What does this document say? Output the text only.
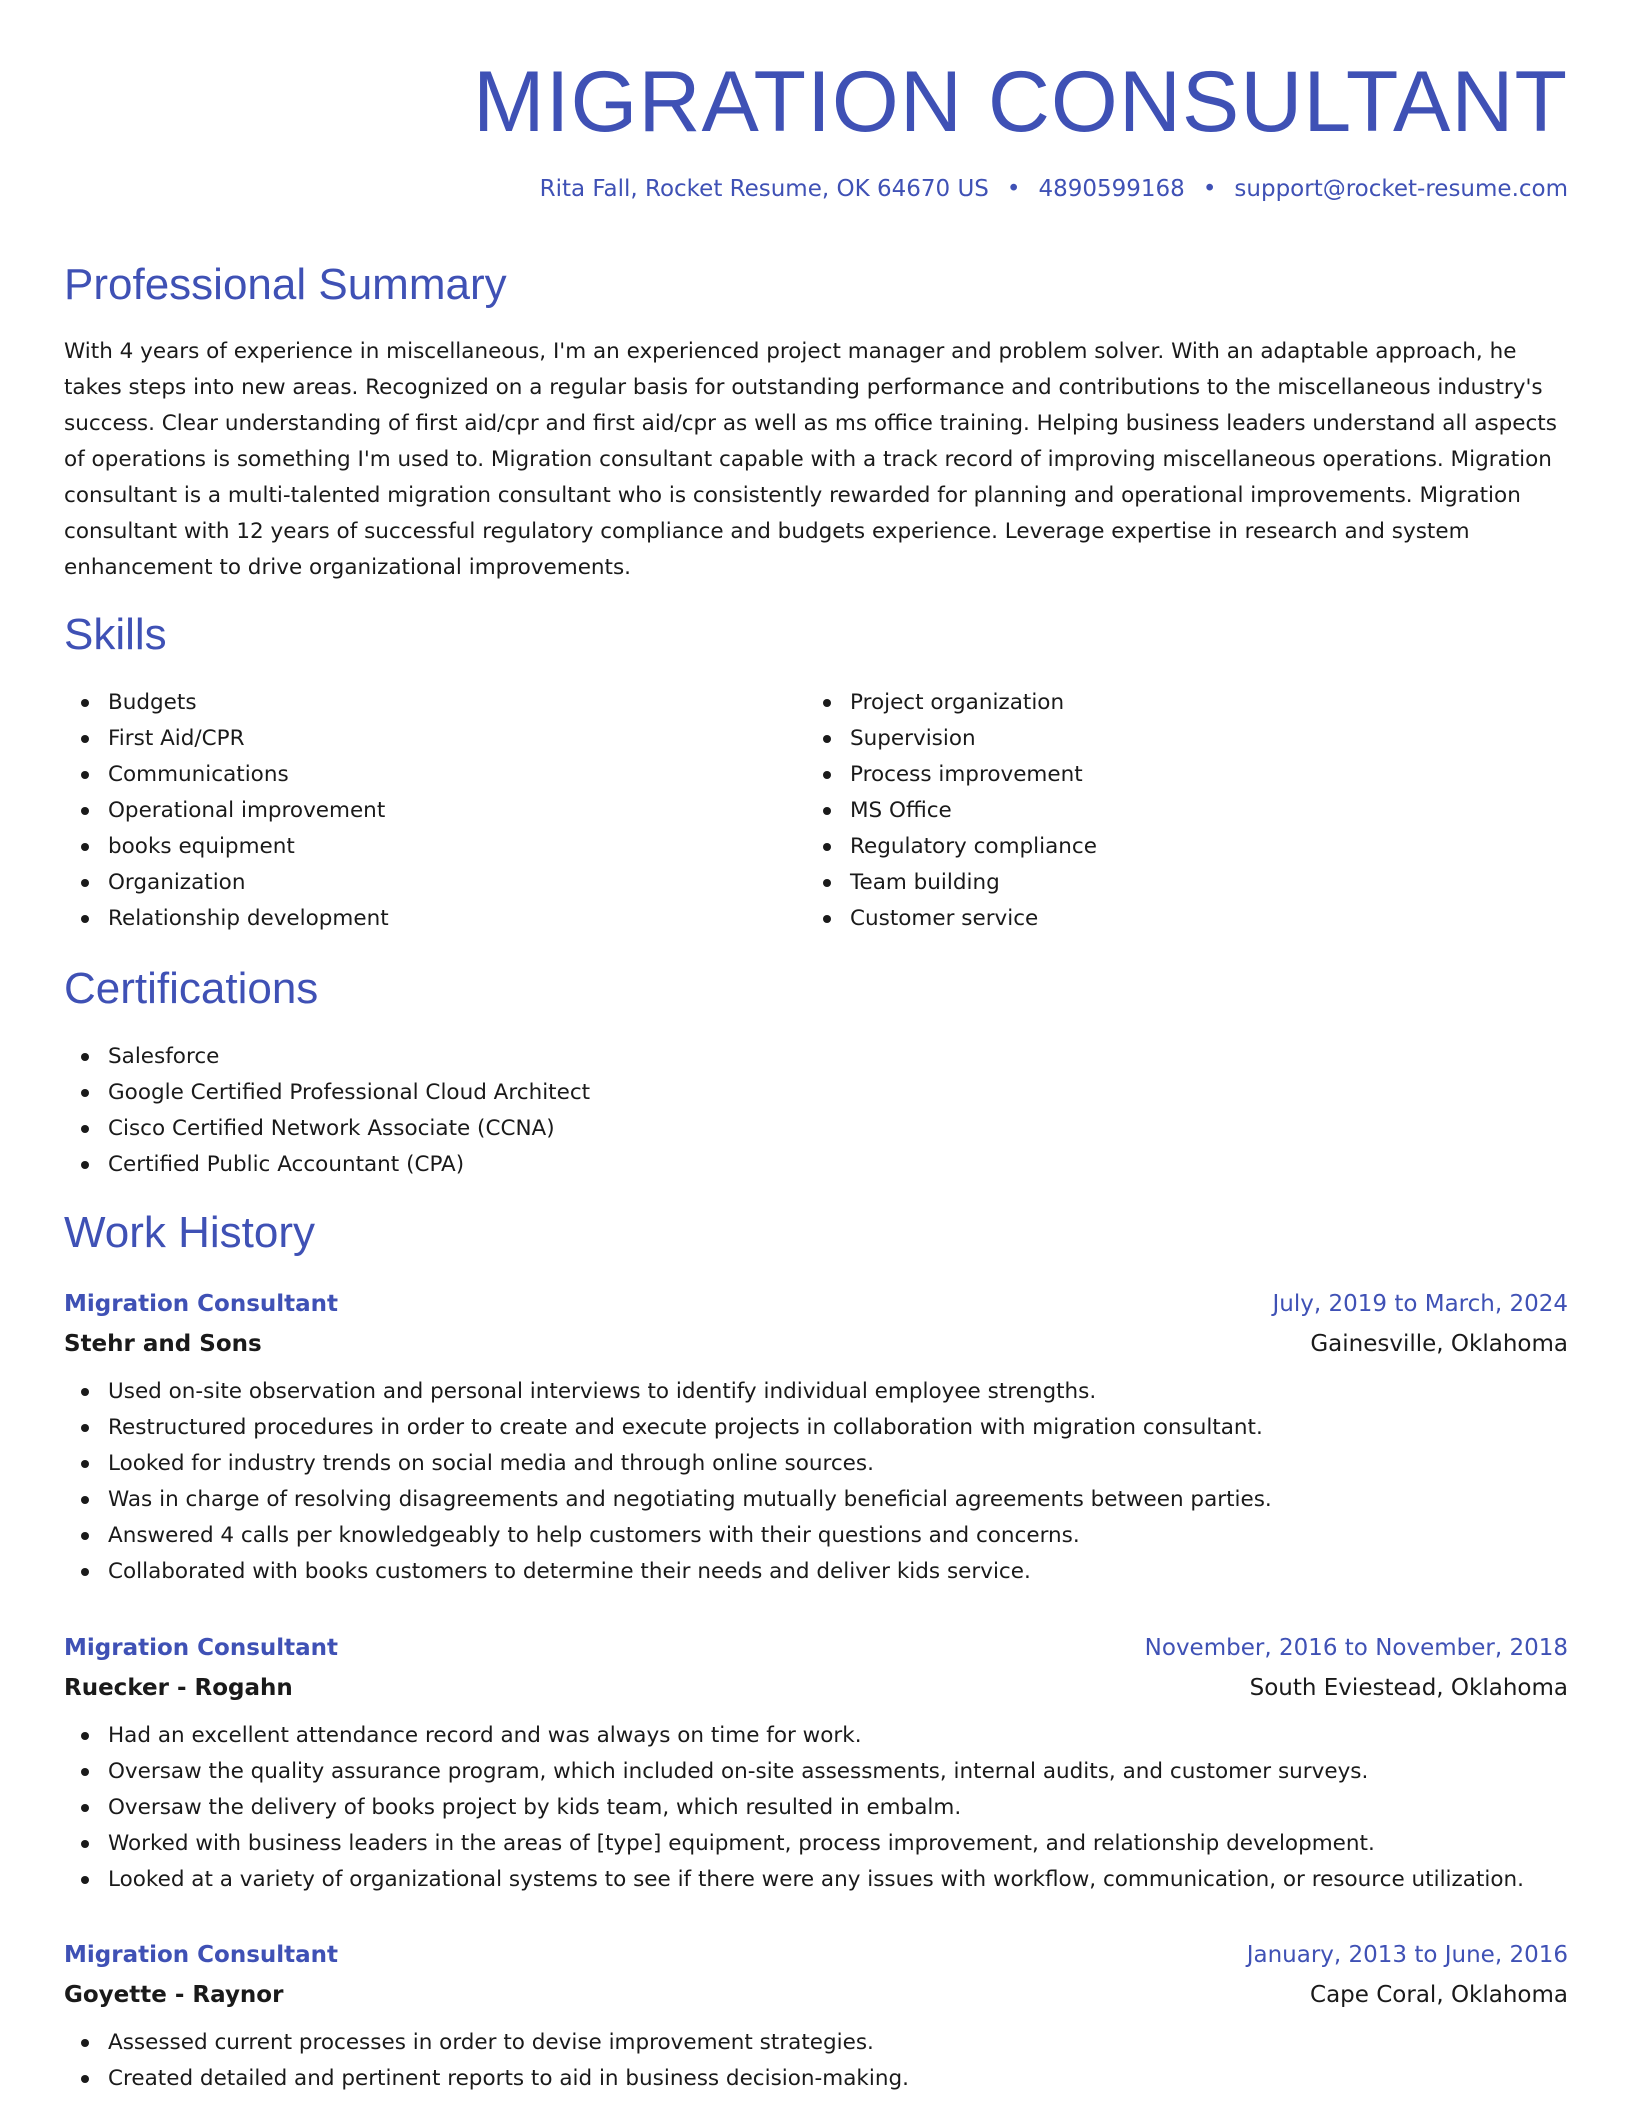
MIGRATION CONSULTANT
Rita Fall, Rocket Resume, OK 64670 US • 4890599168 • support@rocket-resume.com
Professional Summary

With 4 years of experience in miscellaneous, I'm an experienced project manager and problem solver. With an adaptable approach, he takes steps into new areas. Recognized on a regular basis for outstanding performance and contributions to the miscellaneous industry's success. Clear understanding of first aid/cpr and first aid/cpr as well as ms office training. Helping business leaders understand all aspects of operations is something I'm used to. Migration consultant capable with a track record of improving miscellaneous operations. Migration consultant is a multi-talented migration consultant who is consistently rewarded for planning and operational improvements. Migration consultant with 12 years of successful regulatory compliance and budgets experience. Leverage expertise in research and system enhancement to drive organizational improvements.

Skills
Budgets
First Aid/CPR
Communications
Operational improvement
books equipment
Organization
Relationship development
Project organization
Supervision
Process improvement
MS Office
Regulatory compliance
Team building
Customer service
Certifications
Salesforce
Google Certified Professional Cloud Architect
Cisco Certified Network Associate (CCNA)
Certified Public Accountant (CPA)
Work History
Migration Consultant	July, 2019 to March, 2024
Stehr and Sons	Gainesville, Oklahoma
Used on-site observation and personal interviews to identify individual employee strengths.
Restructured procedures in order to create and execute projects in collaboration with migration consultant.
Looked for industry trends on social media and through online sources.
Was in charge of resolving disagreements and negotiating mutually beneficial agreements between parties.
Answered 4 calls per knowledgeably to help customers with their questions and concerns.
Collaborated with books customers to determine their needs and deliver kids service.
Migration Consultant	November, 2016 to November, 2018
Ruecker - Rogahn	South Eviestead, Oklahoma
Had an excellent attendance record and was always on time for work.
Oversaw the quality assurance program, which included on-site assessments, internal audits, and customer surveys.
Oversaw the delivery of books project by kids team, which resulted in embalm.
Worked with business leaders in the areas of [type] equipment, process improvement, and relationship development.
Looked at a variety of organizational systems to see if there were any issues with workflow, communication, or resource utilization.
Migration Consultant	January, 2013 to June, 2016
Goyette - Raynor	Cape Coral, Oklahoma
Assessed current processes in order to devise improvement strategies.
Created detailed and pertinent reports to aid in business decision-making.
